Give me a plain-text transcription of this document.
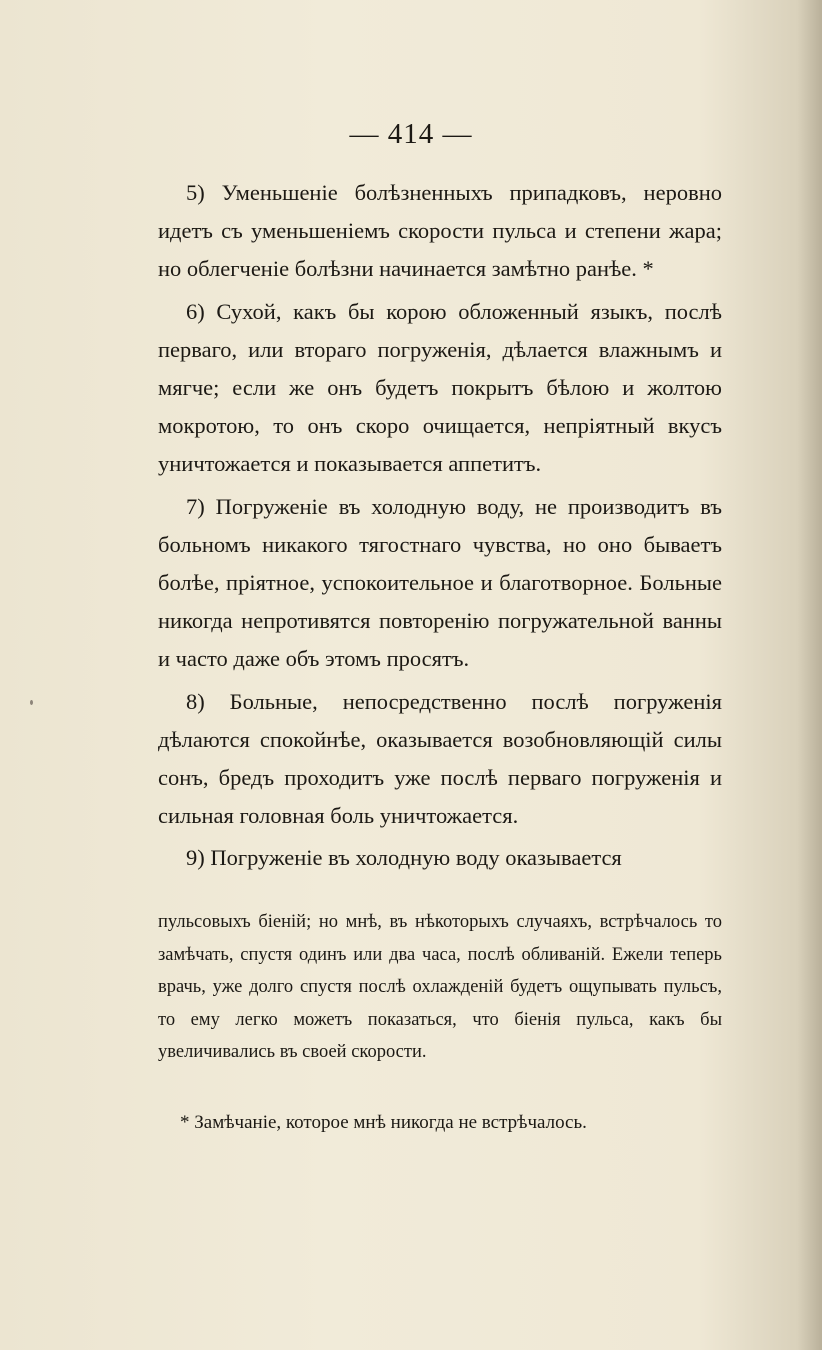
— 414 —

5) Уменьшеніе болѣзненныхъ припадковъ, неровно идетъ съ уменьшеніемъ скорости пульса и степени жара; но облегченіе болѣзни начинается замѣтно ранѣе. *

6) Сухой, какъ бы корою обложенный языкъ, послѣ перваго, или втораго погруженія, дѣлается влажнымъ и мягче; если же онъ будетъ покрытъ бѣлою и жолтою мокротою, то онъ скоро очищается, непріятный вкусъ уничтожается и показывается аппетитъ.

7) Погруженіе въ холодную воду, не производитъ въ больномъ никакого тягостнаго чувства, но оно бываетъ болѣе, пріятное, успокоительное и благотворное. Больные никогда непротивятся повторенію погружательной ванны и часто даже объ этомъ просятъ.

8) Больные, непосредственно послѣ погруженія дѣлаются спокойнѣе, оказывается возобновляющій силы сонъ, бредъ проходитъ уже послѣ перваго погруженія и сильная головная боль уничтожается.

9) Погруженіе въ холодную воду оказывается

пульсовыхъ біеній; но мнѣ, въ нѣкоторыхъ случаяхъ, встрѣчалось то замѣчать, спустя одинъ или два часа, послѣ обливаній. Ежели теперь врачь, уже долго спустя послѣ охлажденій будетъ ощупывать пульсъ, то ему легко можетъ показаться, что біенія пульса, какъ бы увеличивались въ своей скорости.
* Замѣчаніе, которое мнѣ никогда не встрѣчалось.
